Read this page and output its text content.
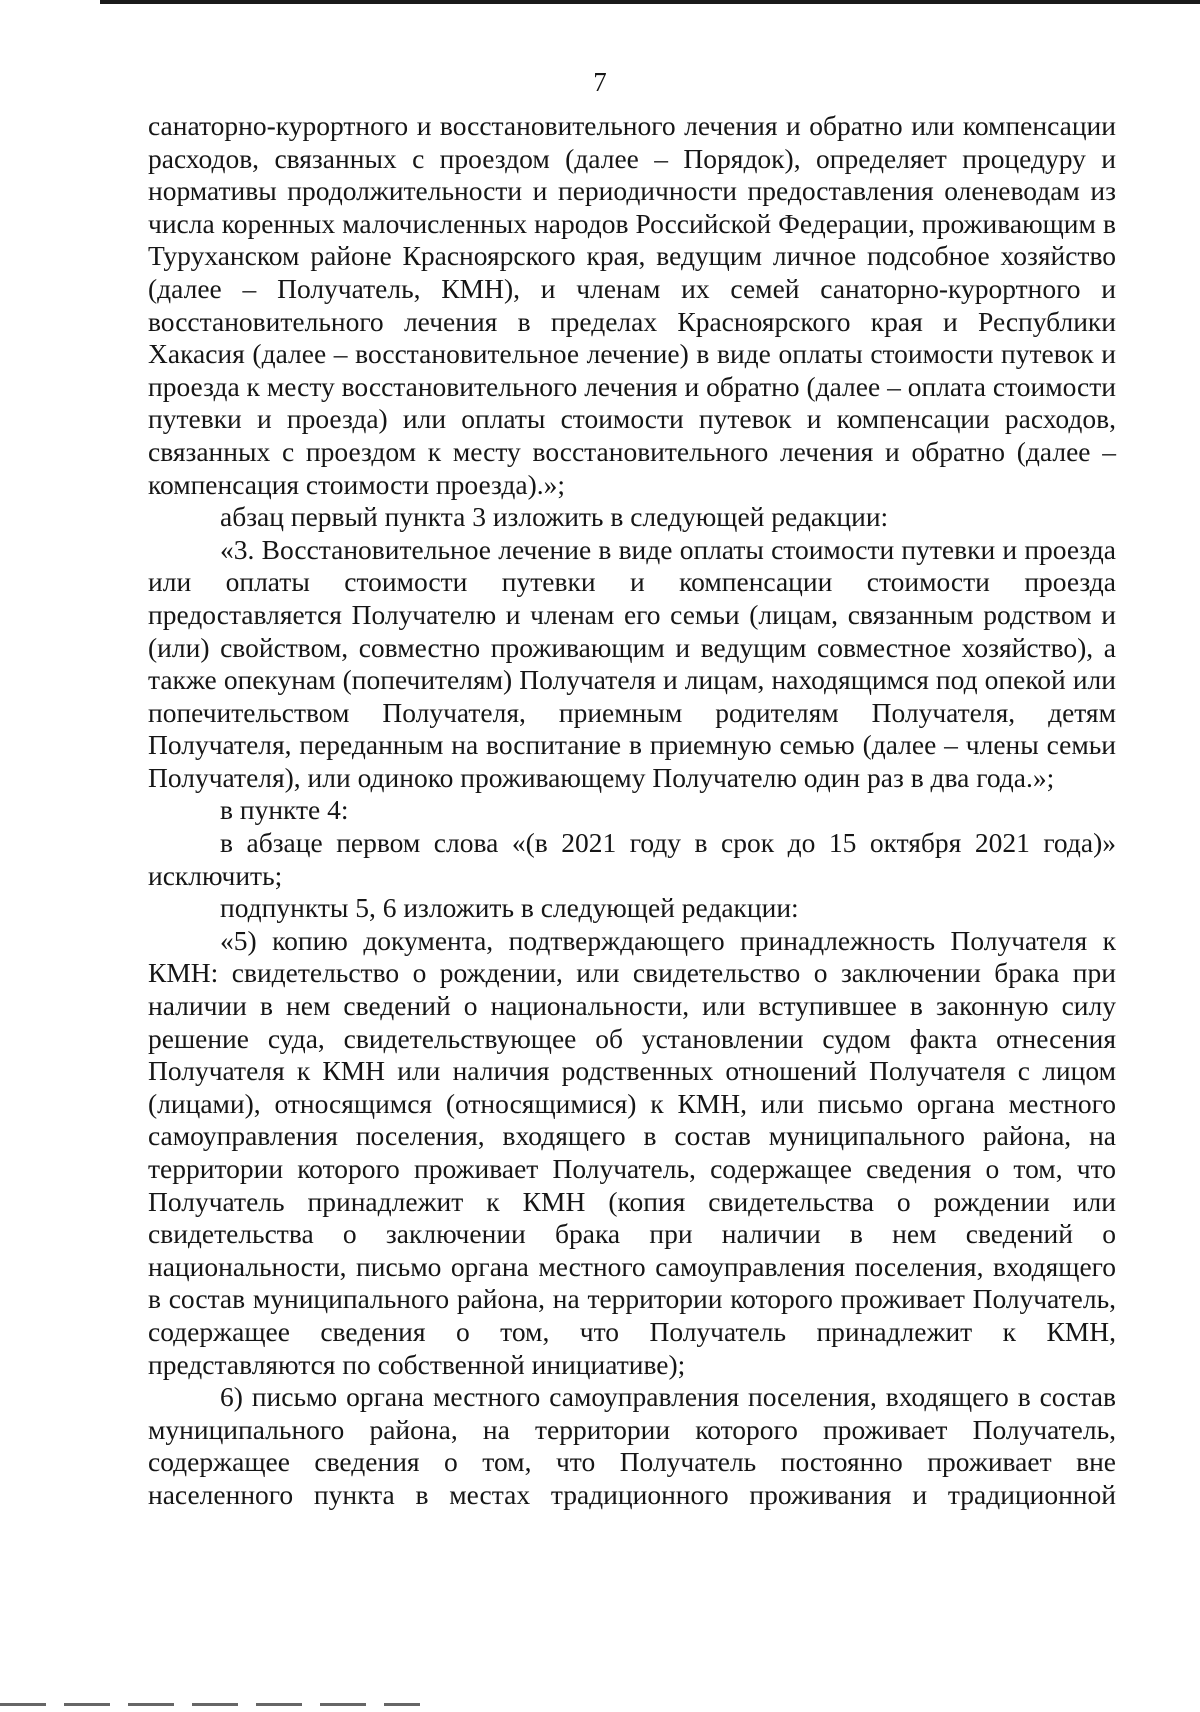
7

санаторно-курортного и восстановительного лечения и обратно или компенсации расходов, связанных с проездом (далее – Порядок), определяет процедуру и нормативы продолжительности и периодичности предоставления оленеводам из числа коренных малочисленных народов Российской Федерации, проживающим в Туруханском районе Красноярского края, ведущим личное подсобное хозяйство (далее – Получатель, КМН), и членам их семей санаторно-курортного и восстановительного лечения в пределах Красноярского края и Республики Хакасия (далее – восстановительное лечение) в виде оплаты стоимости путевок и проезда к месту восстановительного лечения и обратно (далее – оплата стоимости путевки и проезда) или оплаты стоимости путевок и компенсации расходов, связанных с проездом к месту восстановительного лечения и обратно (далее – компенсация стоимости проезда).»;

абзац первый пункта 3 изложить в следующей редакции:

«3. Восстановительное лечение в виде оплаты стоимости путевки и проезда или оплаты стоимости путевки и компенсации стоимости проезда предоставляется Получателю и членам его семьи (лицам, связанным родством и (или) свойством, совместно проживающим и ведущим совместное хозяйство), а также опекунам (попечителям) Получателя и лицам, находящимся под опекой или попечительством Получателя, приемным родителям Получателя, детям Получателя, переданным на воспитание в приемную семью (далее – члены семьи Получателя), или одиноко проживающему Получателю один раз в два года.»;

в пункте 4:

в абзаце первом слова «(в 2021 году в срок до 15 октября 2021 года)» исключить;

подпункты 5, 6 изложить в следующей редакции:

«5) копию документа, подтверждающего принадлежность Получателя к КМН: свидетельство о рождении, или свидетельство о заключении брака при наличии в нем сведений о национальности, или вступившее в законную силу решение суда, свидетельствующее об установлении судом факта отнесения Получателя к КМН или наличия родственных отношений Получателя с лицом (лицами), относящимся (относящимися) к КМН, или письмо органа местного самоуправления поселения, входящего в состав муниципального района, на территории которого проживает Получатель, содержащее сведения о том, что Получатель принадлежит к КМН (копия свидетельства о рождении или свидетельства о заключении брака при наличии в нем сведений о национальности, письмо органа местного самоуправления поселения, входящего в состав муниципального района, на территории которого проживает Получатель, содержащее сведения о том, что Получатель принадлежит к КМН, представляются по собственной инициативе);

6) письмо органа местного самоуправления поселения, входящего в состав муниципального района, на территории которого проживает Получатель, содержащее сведения о том, что Получатель постоянно проживает вне населенного пункта в местах традиционного проживания и традиционной
